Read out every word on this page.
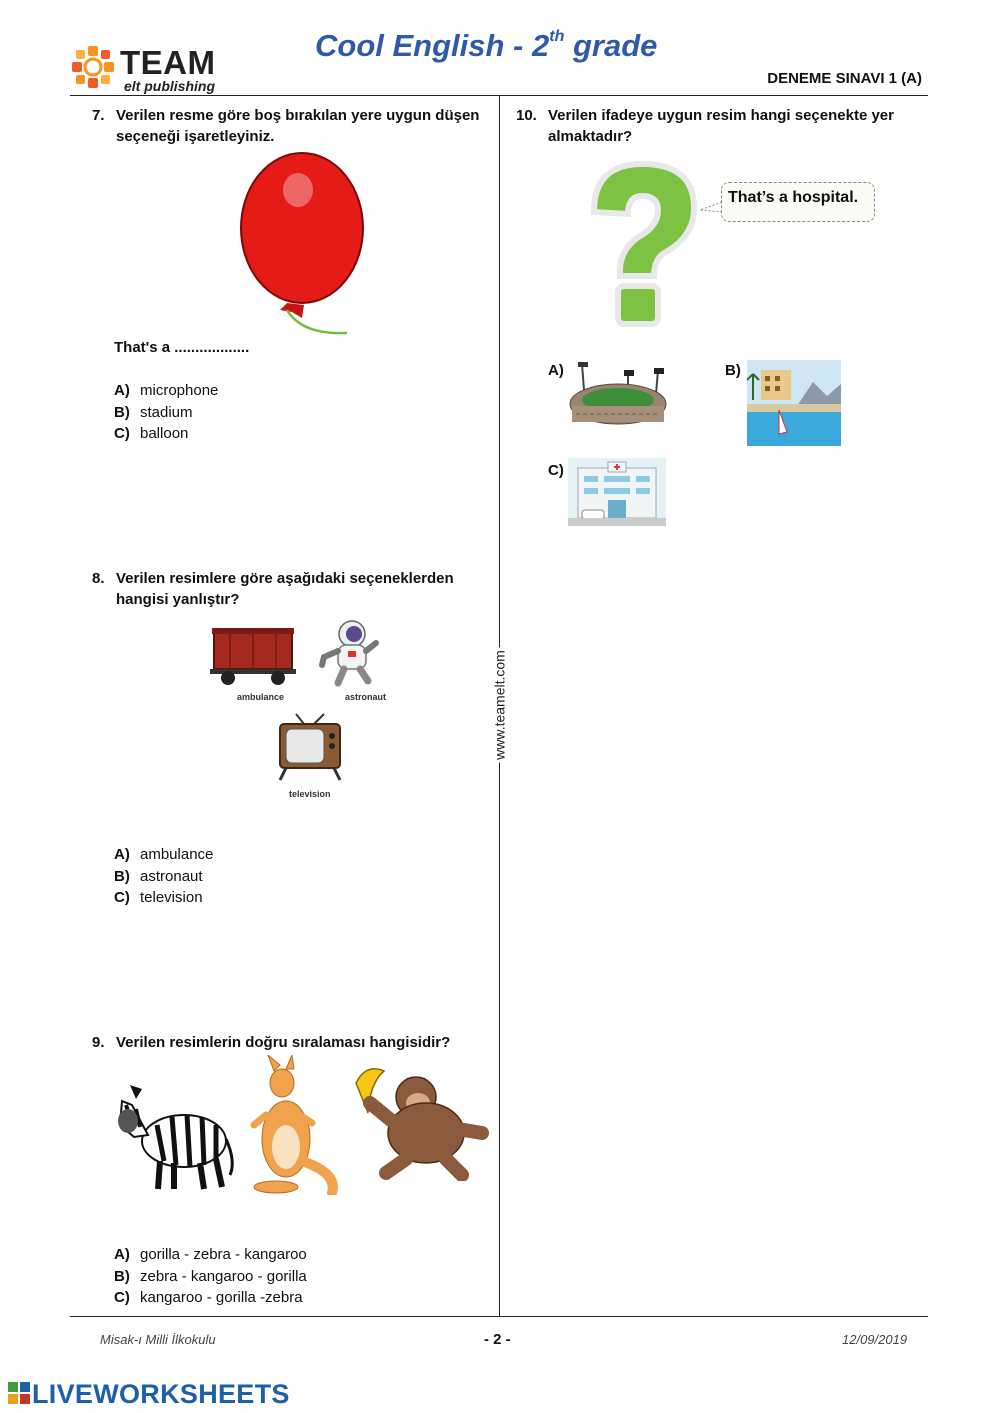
TEAM
elt publishing
Cool English - 2th grade
DENEME SINAVI 1 (A)
www.teamelt.com
7. Verilen resme göre boş bırakılan yere uygun düşen seçeneği işaretleyiniz.
That's a ..................
A) microphone
B) stadium
C) balloon
8. Verilen resimlere göre aşağıdaki seçeneklerden hangisi yanlıştır?
ambulance	astronaut
television
A) ambulance
B) astronaut
C) television
9. Verilen resimlerin doğru sıralaması hangisidir?
A) gorilla - zebra - kangaroo
B) zebra - kangaroo - gorilla
C) kangaroo - gorilla -zebra
10. Verilen ifadeye uygun resim hangi seçenekte yer almaktadır?
That’s a hospital.
A)	B)
C)
Misak-ı Milli İlkokulu	- 2 -	12/09/2019
LIVEWORKSHEETS
